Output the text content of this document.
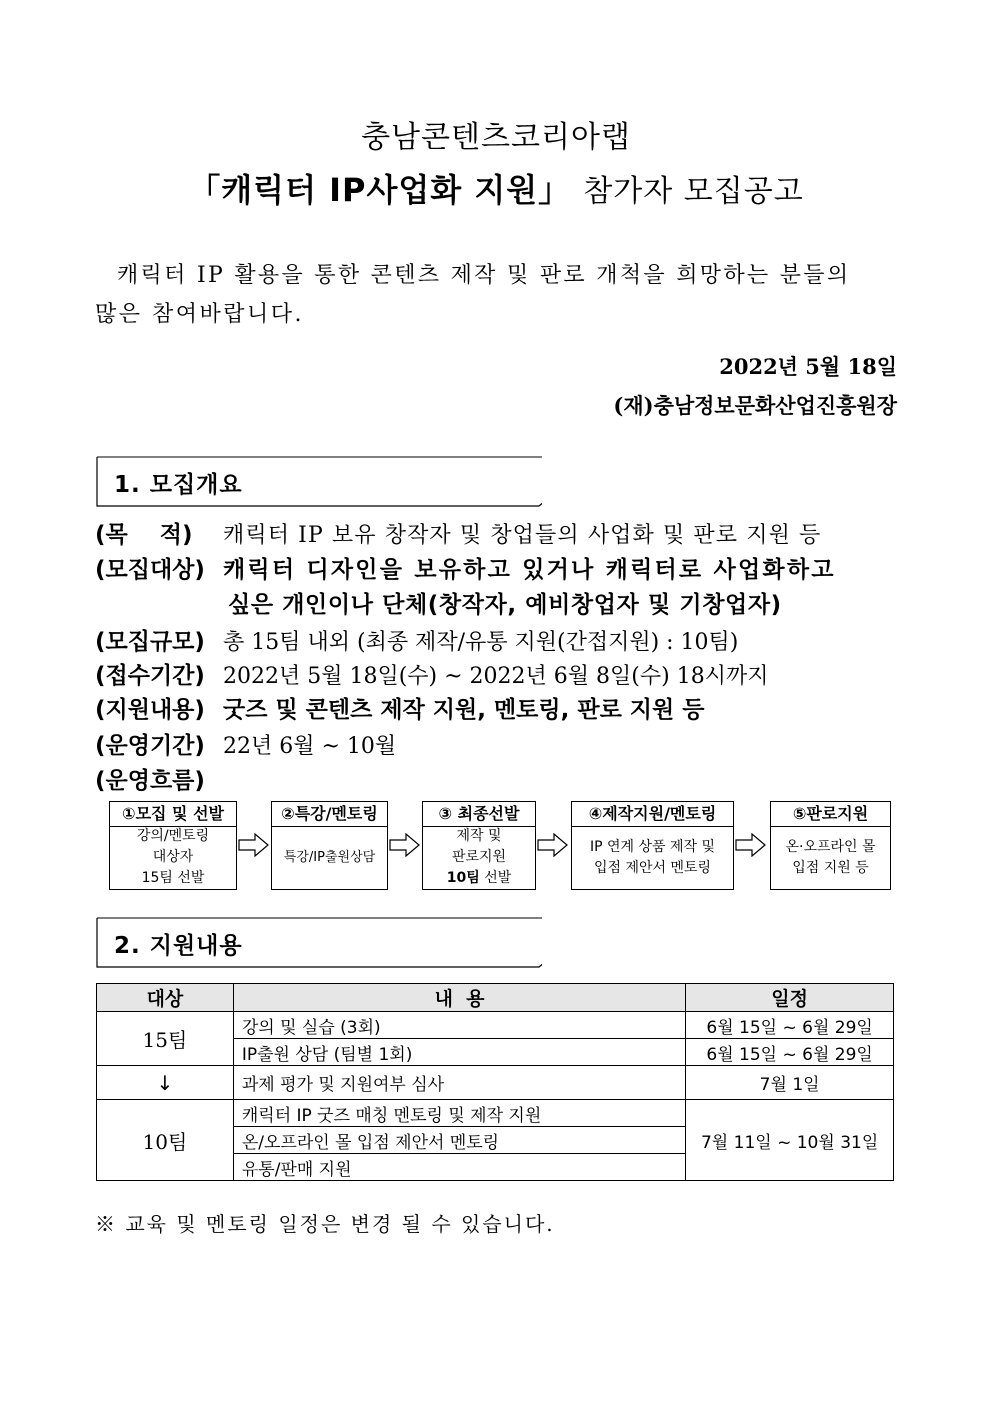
충남콘텐츠코리아랩
「캐릭터 IP사업화 지원」 참가자 모집공고
캐릭터 IP 활용을 통한 콘텐츠 제작 및 판로 개척을 희망하는 분들의
많은 참여바랍니다.
2022년 5월 18일
(재)충남정보문화산업진흥원장
1. 모집개요
(목    적) 캐릭터 IP 보유 창작자 및 창업들의 사업화 및 판로 지원 등
(모집대상) 캐릭터 디자인을 보유하고 있거나 캐릭터로 사업화하고
싶은 개인이나 단체(창작자, 예비창업자 및 기창업자)
(모집규모) 총 15팀 내외 (최종 제작/유통 지원(간접지원) : 10팀)
(접수기간) 2022년 5월 18일(수) ~ 2022년 6월 8일(수) 18시까지
(지원내용) 굿즈 및 콘텐츠 제작 지원, 멘토링, 판로 지원 등
(운영기간) 22년 6월 ~ 10월
(운영흐름)
①모집 및 선발
강의/멘토링
대상자
15팀 선발
②특강/멘토링
특강/IP출원상담
③ 최종선발
제작 및
판로지원
10팀 선발
④제작지원/멘토링
IP 연계 상품 제작 및
입점 제안서 멘토링
⑤판로지원
온·오프라인 몰
입점 지원 등
2. 지원내용
대상	내  용	일정
15팀	강의 및 실습 (3회)	6월 15일 ~ 6월 29일
	IP출원 상담 (팀별 1회)	6월 15일 ~ 6월 29일
↓	과제 평가 및 지원여부 심사	7월 1일
10팀	캐릭터 IP 굿즈 매칭 멘토링 및 제작 지원	7월 11일 ~ 10월 31일
	온/오프라인 몰 입점 제안서 멘토링	
	유통/판매 지원	
※ 교육 및 멘토링 일정은 변경 될 수 있습니다.
